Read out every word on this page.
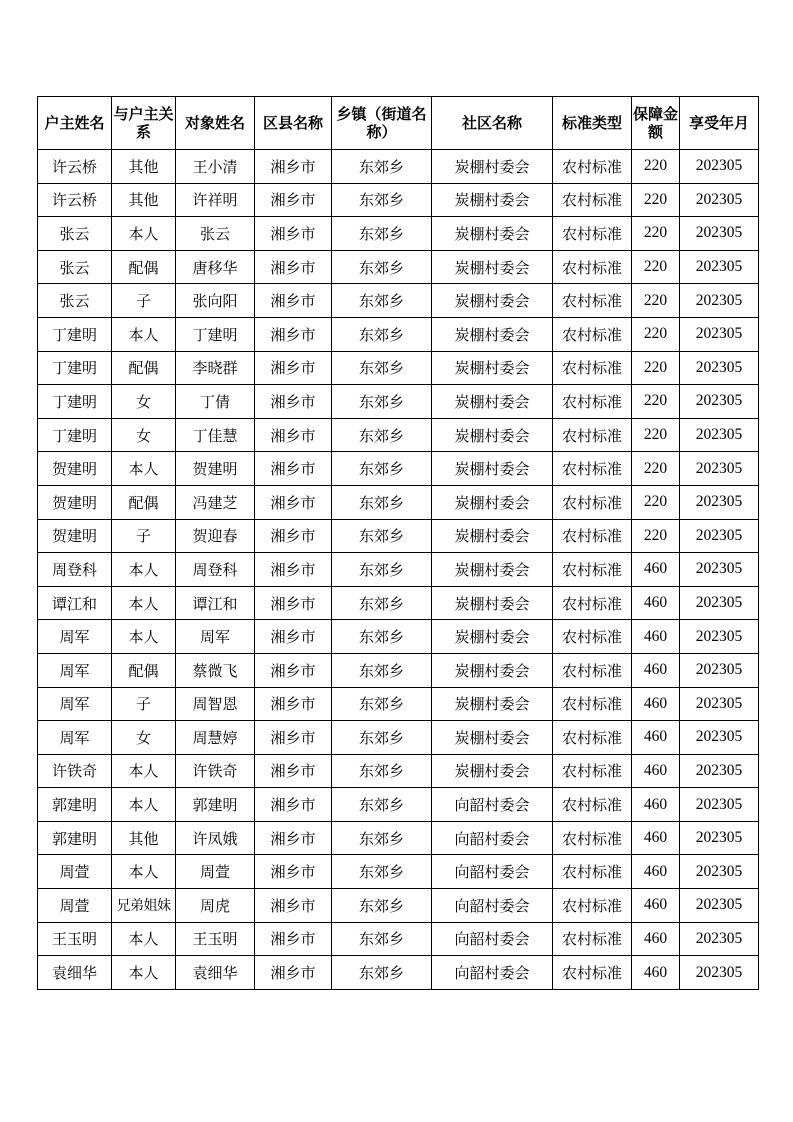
户主姓名	与户主关系	对象姓名	区县名称	乡镇（街道名称）	社区名称	标准类型	保障金额	享受年月
许云桥	其他	王小清	湘乡市	东郊乡	炭棚村委会	农村标准	220	202305
许云桥	其他	许祥明	湘乡市	东郊乡	炭棚村委会	农村标准	220	202305
张云	本人	张云	湘乡市	东郊乡	炭棚村委会	农村标准	220	202305
张云	配偶	唐移华	湘乡市	东郊乡	炭棚村委会	农村标准	220	202305
张云	子	张向阳	湘乡市	东郊乡	炭棚村委会	农村标准	220	202305
丁建明	本人	丁建明	湘乡市	东郊乡	炭棚村委会	农村标准	220	202305
丁建明	配偶	李晓群	湘乡市	东郊乡	炭棚村委会	农村标准	220	202305
丁建明	女	丁倩	湘乡市	东郊乡	炭棚村委会	农村标准	220	202305
丁建明	女	丁佳慧	湘乡市	东郊乡	炭棚村委会	农村标准	220	202305
贺建明	本人	贺建明	湘乡市	东郊乡	炭棚村委会	农村标准	220	202305
贺建明	配偶	冯建芝	湘乡市	东郊乡	炭棚村委会	农村标准	220	202305
贺建明	子	贺迎春	湘乡市	东郊乡	炭棚村委会	农村标准	220	202305
周登科	本人	周登科	湘乡市	东郊乡	炭棚村委会	农村标准	460	202305
谭江和	本人	谭江和	湘乡市	东郊乡	炭棚村委会	农村标准	460	202305
周军	本人	周军	湘乡市	东郊乡	炭棚村委会	农村标准	460	202305
周军	配偶	蔡微飞	湘乡市	东郊乡	炭棚村委会	农村标准	460	202305
周军	子	周智恩	湘乡市	东郊乡	炭棚村委会	农村标准	460	202305
周军	女	周慧婷	湘乡市	东郊乡	炭棚村委会	农村标准	460	202305
许铁奇	本人	许铁奇	湘乡市	东郊乡	炭棚村委会	农村标准	460	202305
郭建明	本人	郭建明	湘乡市	东郊乡	向韶村委会	农村标准	460	202305
郭建明	其他	许凤娥	湘乡市	东郊乡	向韶村委会	农村标准	460	202305
周萱	本人	周萱	湘乡市	东郊乡	向韶村委会	农村标准	460	202305
周萱	兄弟姐妹	周虎	湘乡市	东郊乡	向韶村委会	农村标准	460	202305
王玉明	本人	王玉明	湘乡市	东郊乡	向韶村委会	农村标准	460	202305
袁细华	本人	袁细华	湘乡市	东郊乡	向韶村委会	农村标准	460	202305
